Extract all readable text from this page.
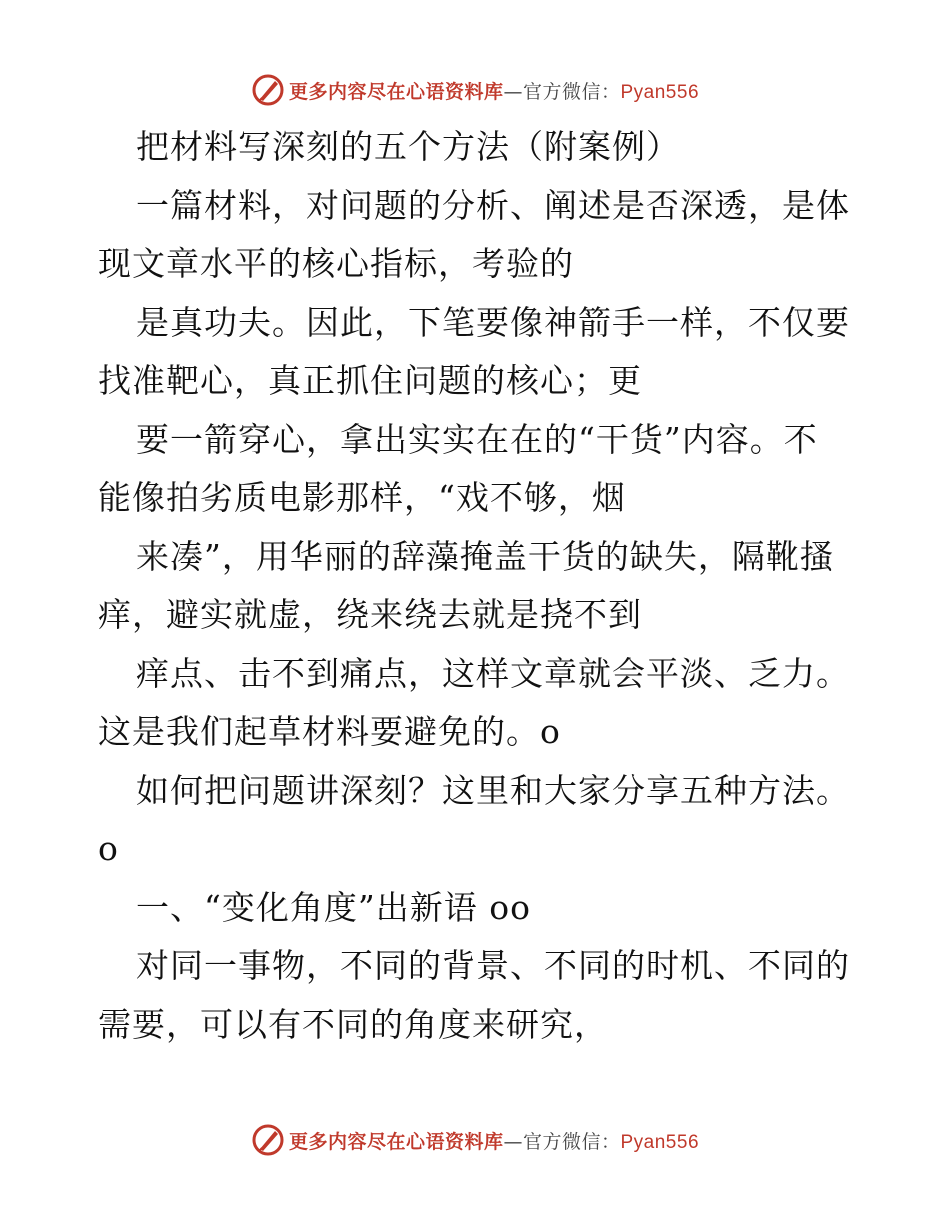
更多内容尽在心语资料库—官方微信：Pyan556
把材料写深刻的五个方法（附案例）
一篇材料，对问题的分析、阐述是否深透，是体
现文章水平的核心指标，考验的
是真功夫。因此，下笔要像神箭手一样，不仅要
找准靶心，真正抓住问题的核心；更
要一箭穿心，拿出实实在在的“干货”内容。不
能像拍劣质电影那样，“戏不够，烟
来凑”，用华丽的辞藻掩盖干货的缺失，隔靴搔
痒，避实就虚，绕来绕去就是挠不到
痒点、击不到痛点，这样文章就会平淡、乏力。
这是我们起草材料要避免的。o
如何把问题讲深刻？这里和大家分享五种方法。
o
一、“变化角度”出新语 oo
对同一事物，不同的背景、不同的时机、不同的
需要，可以有不同的角度来研究，
更多内容尽在心语资料库—官方微信：Pyan556
